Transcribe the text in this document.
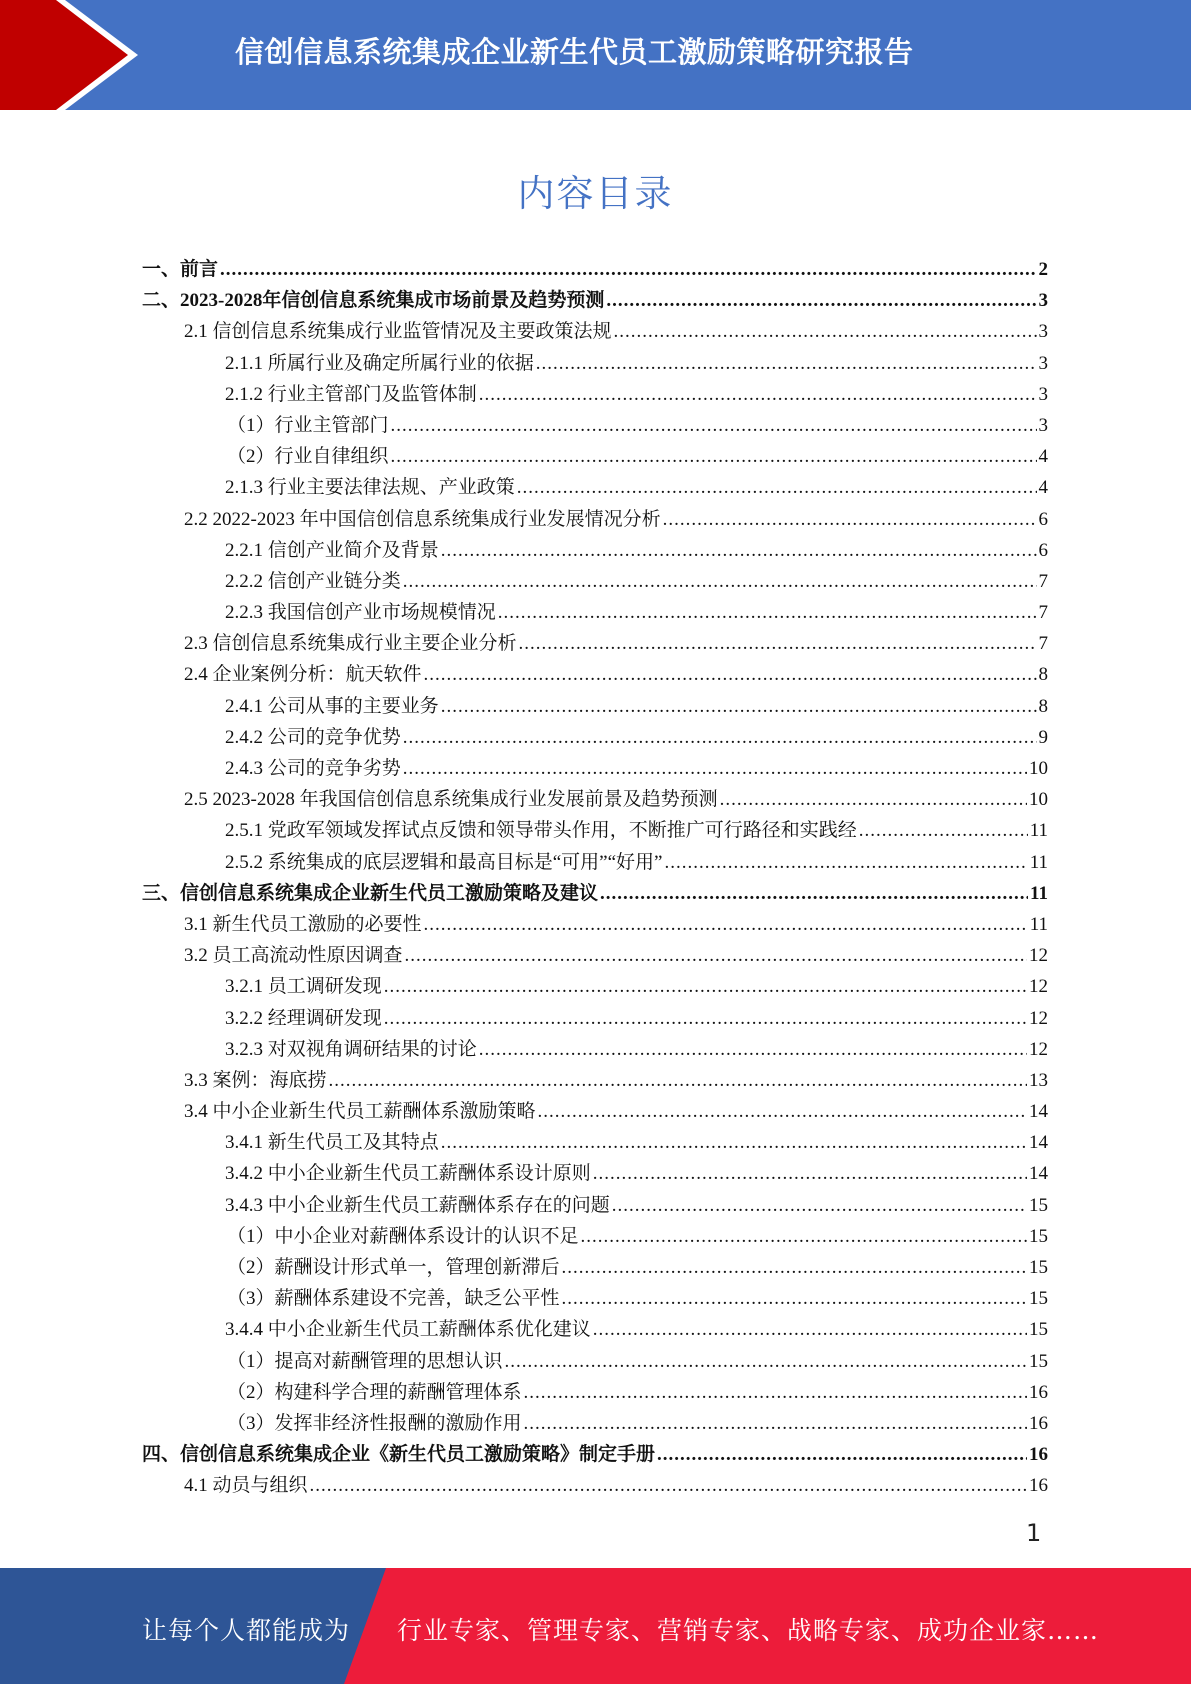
信创信息系统集成企业新生代员工激励策略研究报告
内容目录
一、前言 .....	2
二、2023-2028年信创信息系统集成市场前景及趋势预测 .....	3
2.1 信创信息系统集成行业监管情况及主要政策法规 .....	3
2.1.1 所属行业及确定所属行业的依据 .....	3
2.1.2 行业主管部门及监管体制 .....	3
（1）行业主管部门 .....	3
（2）行业自律组织 .....	4
2.1.3 行业主要法律法规、产业政策 .....	4
2.2 2022-2023 年中国信创信息系统集成行业发展情况分析 .....	6
2.2.1 信创产业简介及背景 .....	6
2.2.2 信创产业链分类 .....	7
2.2.3 我国信创产业市场规模情况 .....	7
2.3 信创信息系统集成行业主要企业分析 .....	7
2.4 企业案例分析：航天软件 .....	8
2.4.1 公司从事的主要业务 .....	8
2.4.2 公司的竞争优势 .....	9
2.4.3 公司的竞争劣势 .....	10
2.5 2023-2028 年我国信创信息系统集成行业发展前景及趋势预测 .....	10
2.5.1 党政军领域发挥试点反馈和领导带头作用，不断推广可行路径和实践经 .....	11
2.5.2 系统集成的底层逻辑和最高目标是“可用”“好用” .....	11
三、信创信息系统集成企业新生代员工激励策略及建议 .....	11
3.1 新生代员工激励的必要性 .....	11
3.2 员工高流动性原因调查 .....	12
3.2.1 员工调研发现 .....	12
3.2.2 经理调研发现 .....	12
3.2.3 对双视角调研结果的讨论 .....	12
3.3 案例：海底捞 .....	13
3.4 中小企业新生代员工薪酬体系激励策略 .....	14
3.4.1 新生代员工及其特点 .....	14
3.4.2 中小企业新生代员工薪酬体系设计原则 .....	14
3.4.3 中小企业新生代员工薪酬体系存在的问题 .....	15
（1）中小企业对薪酬体系设计的认识不足 .....	15
（2）薪酬设计形式单一，管理创新滞后 .....	15
（3）薪酬体系建设不完善，缺乏公平性 .....	15
3.4.4 中小企业新生代员工薪酬体系优化建议 .....	15
（1）提高对薪酬管理的思想认识 .....	15
（2）构建科学合理的薪酬管理体系 .....	16
（3）发挥非经济性报酬的激励作用 .....	16
四、信创信息系统集成企业《新生代员工激励策略》制定手册 .....	16
4.1 动员与组织 .....	16
1
让每个人都能成为 行业专家、管理专家、营销专家、战略专家、成功企业家……
